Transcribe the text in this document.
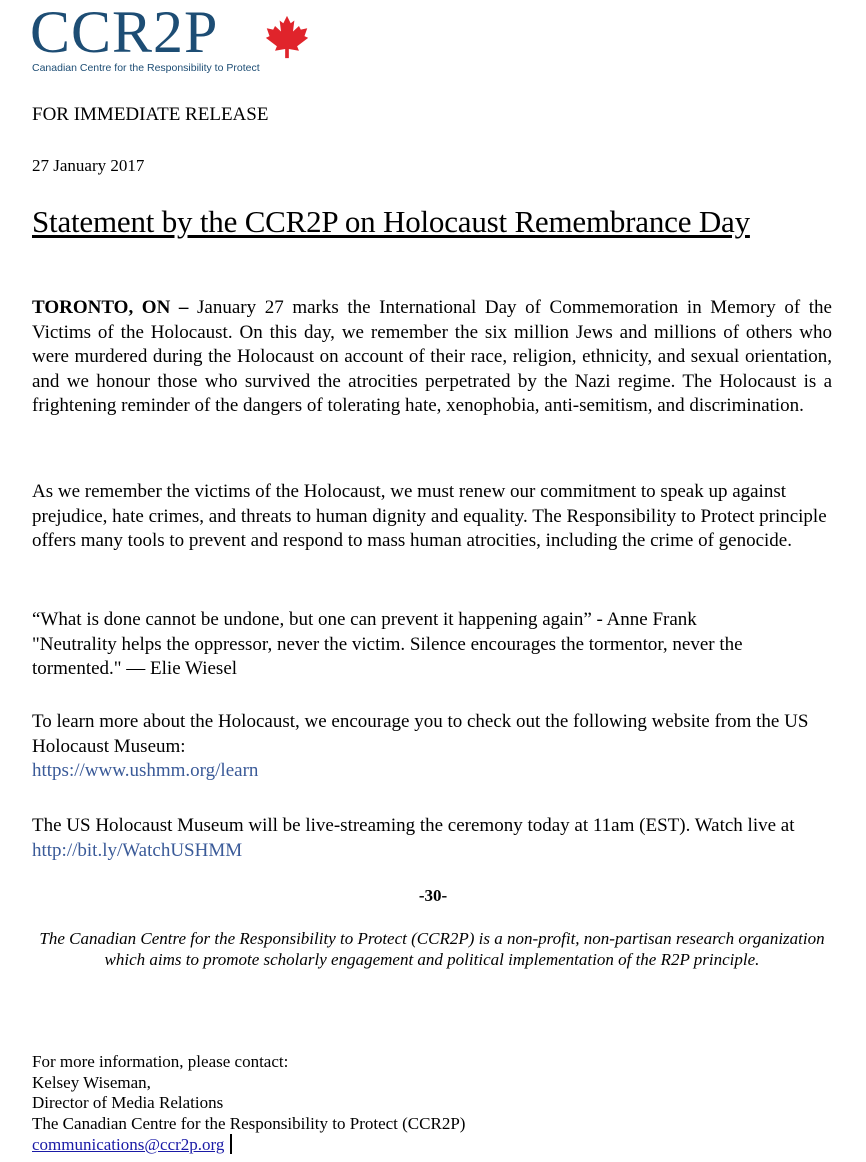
CCR2P
Canadian Centre for the Responsibility to Protect
FOR IMMEDIATE RELEASE
27 January 2017
Statement by the CCR2P on Holocaust Remembrance Day

TORONTO, ON – January 27 marks the International Day of Commemoration in Memory of the Victims of the Holocaust. On this day, we remember the six million Jews and millions of others who were murdered during the Holocaust on account of their race, religion, ethnicity, and sexual orientation, and we honour those who survived the atrocities perpetrated by the Nazi regime. The Holocaust is a frightening reminder of the dangers of tolerating hate, xenophobia, anti-semitism, and discrimination.

As we remember the victims of the Holocaust, we must renew our commitment to speak up against prejudice, hate crimes, and threats to human dignity and equality. The Responsibility to Protect principle offers many tools to prevent and respond to mass human atrocities, including the crime of genocide.

“What is done cannot be undone, but one can prevent it happening again” - Anne Frank

"Neutrality helps the oppressor, never the victim. Silence encourages the tormentor, never the tormented." — Elie Wiesel

To learn more about the Holocaust, we encourage you to check out the following website from the US Holocaust Museum:

https://www.ushmm.org/learn

The US Holocaust Museum will be live-streaming the ceremony today at 11am (EST). Watch live at http://bit.ly/WatchUSHMM

-30-
The Canadian Centre for the Responsibility to Protect (CCR2P) is a non-profit, non-partisan research organization which aims to promote scholarly engagement and political implementation of the R2P principle.
For more information, please contact:
Kelsey Wiseman,
Director of Media Relations
The Canadian Centre for the Responsibility to Protect (CCR2P)
communications@ccr2p.org
